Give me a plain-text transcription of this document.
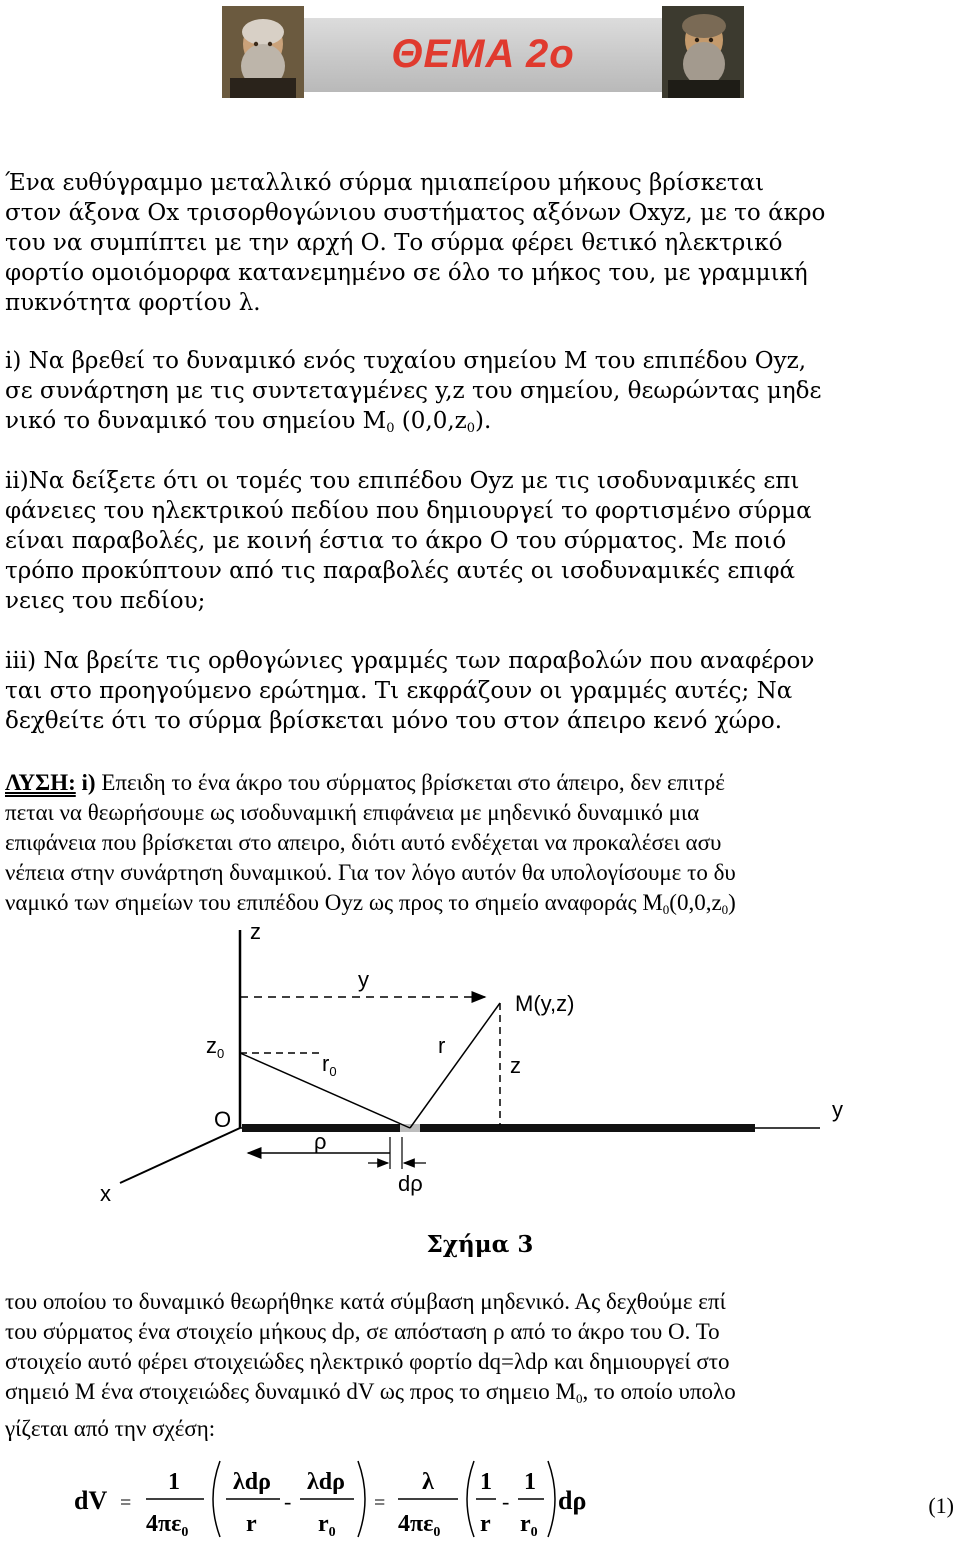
ΘΕΜΑ 2ο
Ένα ευθύγραμμο μεταλλικό σύρμα ημιαπείρου μήκους βρίσκεται
στον άξονα Οx τρισορθογώνιου συστήματος αξόνων Οxyz, με το άκρο
του να συμπίπτει με την αρχή Ο. Το σύρμα φέρει θετικό ηλεκτρικό
φορτίο ομοιόμορφα κατανεμημένο σε όλο το μήκος του, με γραμμική
πυκνότητα φορτίου λ.
i) Να βρεθεί το δυναμικό ενός τυχαίου σημείου Μ του επιπέδου Οyz,
σε συνάρτηση με τις συντεταγμένες y,z του σημείου, θεωρώντας μηδε
νικό το δυναμικό του σημείου $M_0$ $(0,0,z_0)$.
ii)Να δείξετε ότι οι τομές του επιπέδου Οyz με τις ισοδυναμικές επι
φάνειες του ηλεκτρικού πεδίου που δημιουργεί το φορτισμένο σύρμα
είναι παραβολές, με κοινή έστια το άκρο Ο του σύρματος. Με ποιό
τρόπο προκύπτουν από τις παραβολές αυτές οι ισοδυναμικές επιφά
νειες του πεδίου;
iii) Να βρείτε τις ορθογώνιες γραμμές των παραβολών που αναφέρον
ται στο προηγούμενο ερώτημα. Τι εκφράζουν οι γραμμές αυτές; Να
δεχθείτε ότι το σύρμα βρίσκεται μόνο του στον άπειρο κενό χώρο.
ΛΥΣΗ: i) Επειδη το ένα άκρο του σύρματος βρίσκεται στο άπειρο, δεν επιτρέ
πεται να θεωρήσουμε ως ισοδυναμική επιφάνεια με μηδενικό δυναμικό μια
επιφάνεια που βρίσκεται στο απειρο, διότι αυτό ενδέχεται να προκαλέσει ασυ
νέπεια στην συνάρτηση δυναμικού. Για τον λόγο αυτόν θα υπολογίσουμε το δυ
ναμικό των σημείων του επιπέδου Οyz ως προς το σημείο αναφοράς $M_0(0,0,z_0)$
z
y
x
O
$z_0$
y
M(y,z)
$r_0$
r
z
ρ
dρ
Σχήμα 3
του οποίου το δυναμικό θεωρήθηκε κατά σύμβαση μηδενικό. Ας δεχθούμε επί
του σύρματος ένα στοιχείο μήκους dρ, σε απόσταση ρ από το άκρο του Ο. Το
στοιχείο αυτό φέρει στοιχειώδες ηλεκτρικό φορτίο dq=λdρ και δημιουργεί στο
σημειό Μ ένα στοιχειώδες δυναμικό dV ως προς το σημειο $M_0$, το οποίο υπολο
γίζεται από την σχέση:
dV =
1
$4\pi\varepsilon_0$
λdρ
r
-
λdρ
$r_0$
=
λ
$4\pi\varepsilon_0$
1
r
-
1
$r_0$
dρ	(1)
